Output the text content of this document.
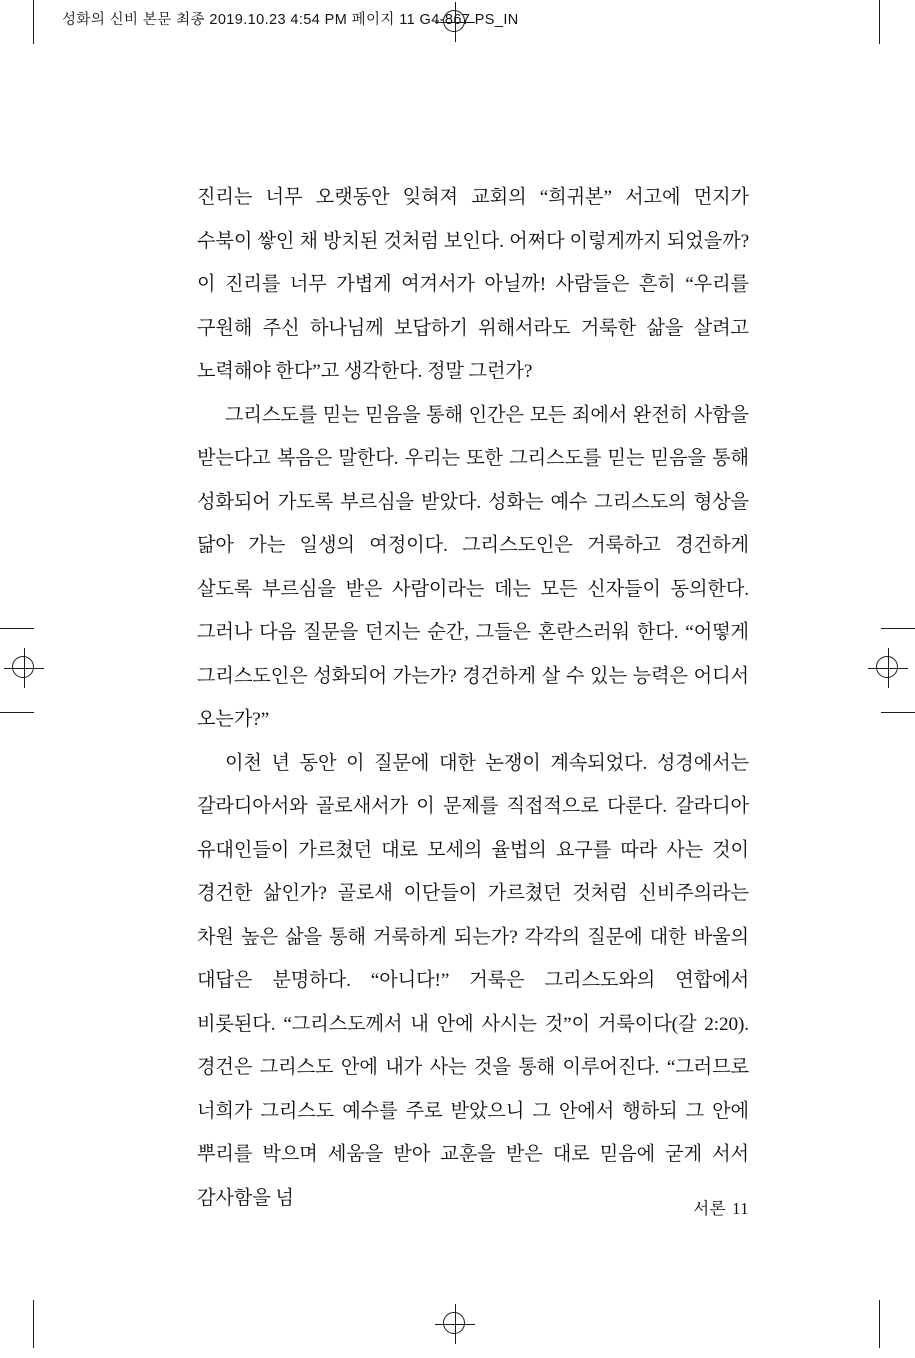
성화의 신비 본문 최종 2019.10.23 4:54 PM 페이지 11 G4-867 PS_IN

진리는 너무 오랫동안 잊혀져 교회의 “희귀본” 서고에 먼지가 수북이 쌓인 채 방치된 것처럼 보인다. 어쩌다 이렇게까지 되었을까? 이 진리를 너무 가볍게 여겨서가 아닐까! 사람들은 흔히 “우리를 구원해 주신 하나님께 보답하기 위해서라도 거룩한 삶을 살려고 노력해야 한다”고 생각한다. 정말 그런가?

그리스도를 믿는 믿음을 통해 인간은 모든 죄에서 완전히 사함을 받는다고 복음은 말한다. 우리는 또한 그리스도를 믿는 믿음을 통해 성화되어 가도록 부르심을 받았다. 성화는 예수 그리스도의 형상을 닮아 가는 일생의 여정이다. 그리스도인은 거룩하고 경건하게 살도록 부르심을 받은 사람이라는 데는 모든 신자들이 동의한다. 그러나 다음 질문을 던지는 순간, 그들은 혼란스러워 한다. “어떻게 그리스도인은 성화되어 가는가? 경건하게 살 수 있는 능력은 어디서 오는가?”

이천 년 동안 이 질문에 대한 논쟁이 계속되었다. 성경에서는 갈라디아서와 골로새서가 이 문제를 직접적으로 다룬다. 갈라디아 유대인들이 가르쳤던 대로 모세의 율법의 요구를 따라 사는 것이 경건한 삶인가? 골로새 이단들이 가르쳤던 것처럼 신비주의라는 차원 높은 삶을 통해 거룩하게 되는가? 각각의 질문에 대한 바울의 대답은 분명하다. “아니다!” 거룩은 그리스도와의 연합에서 비롯된다. “그리스도께서 내 안에 사시는 것”이 거룩이다(갈 2:20). 경건은 그리스도 안에 내가 사는 것을 통해 이루어진다. “그러므로 너희가 그리스도 예수를 주로 받았으니 그 안에서 행하되 그 안에 뿌리를 박으며 세움을 받아 교훈을 받은 대로 믿음에 굳게 서서 감사함을 넘	서론 11
